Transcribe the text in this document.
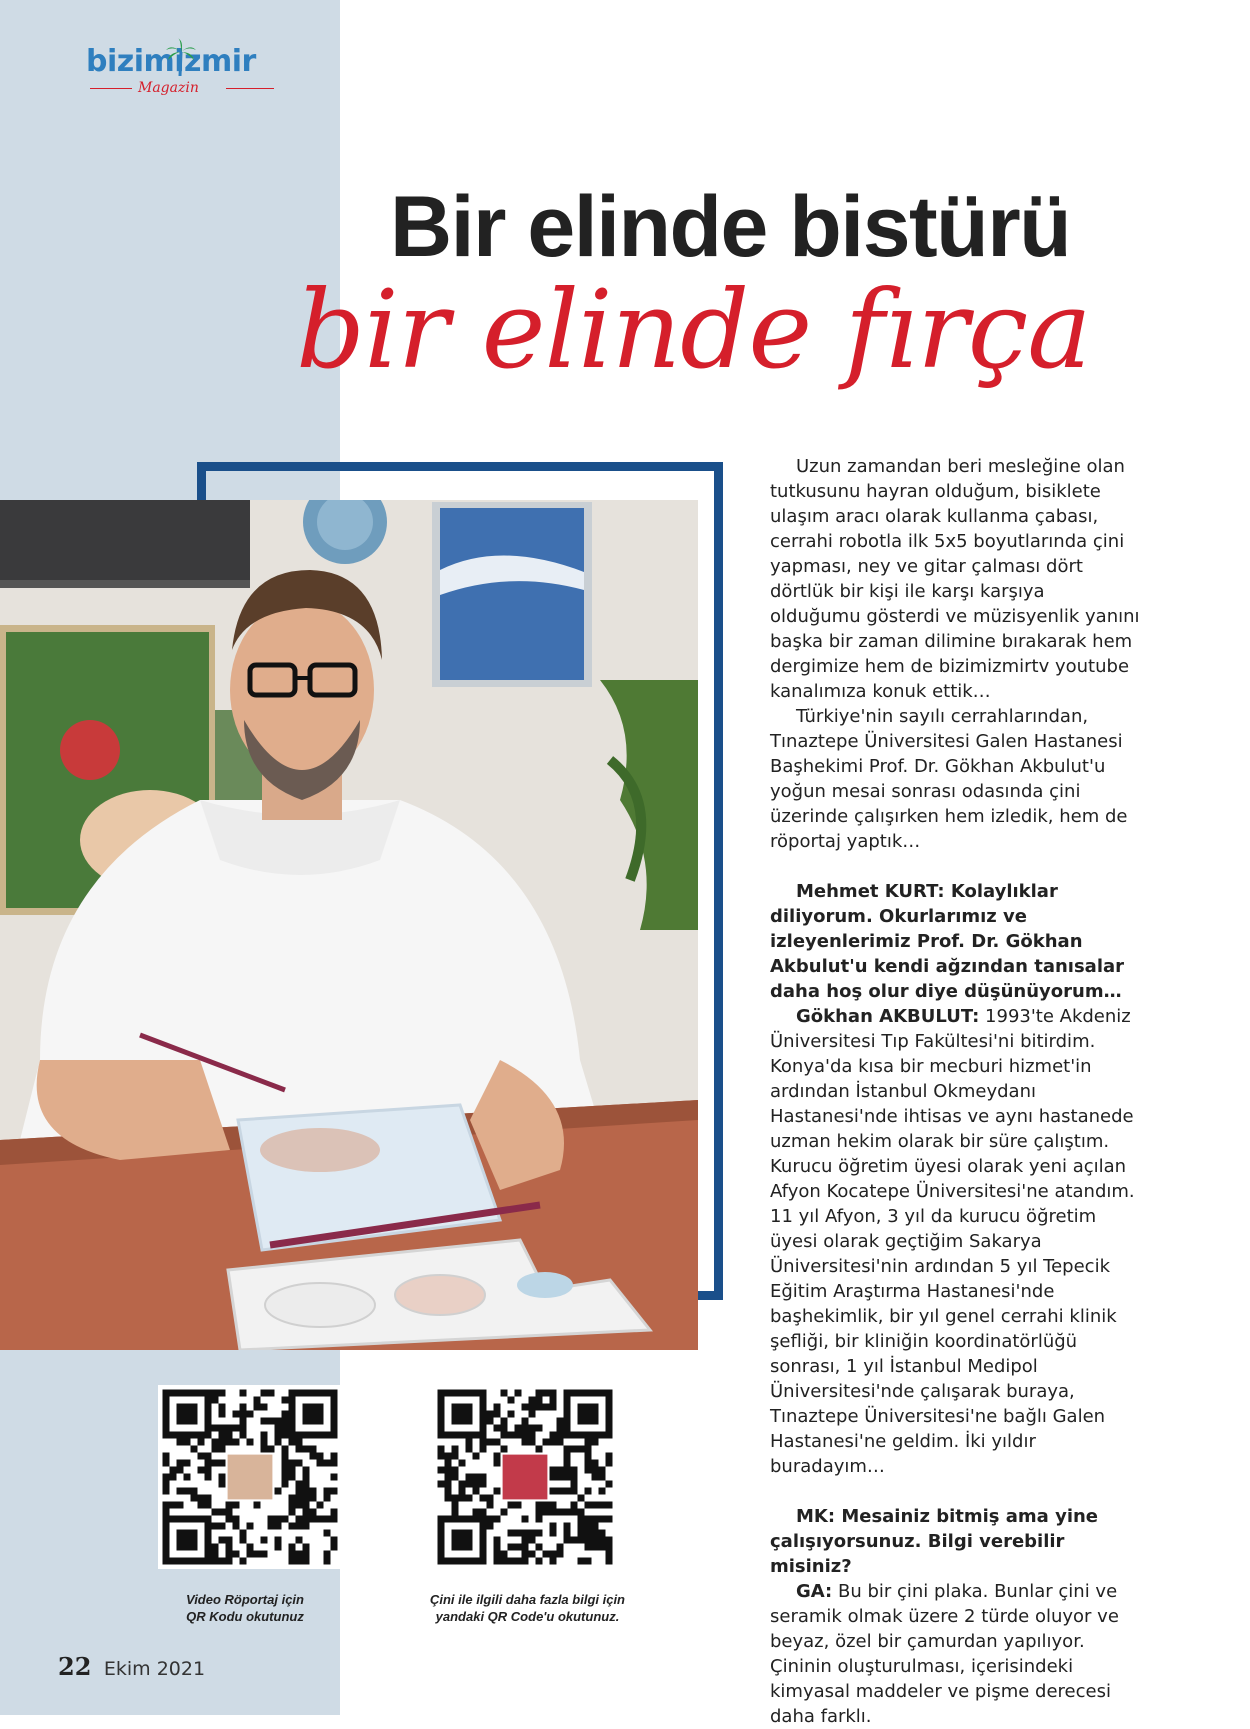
bizimizmir
Magazin
Bir elinde bistürü
bir elinde fırça

Uzun zamandan beri mesleğine olan tutkusunu hayran olduğum, bisiklete ulaşım aracı olarak kullanma çabası, cerrahi robotla ilk 5x5 boyutlarında çini yapması, ney ve gitar çalması dört dörtlük bir kişi ile karşı karşıya olduğumu gösterdi ve müzisyenlik yanını başka bir zaman dilimine bırakarak hem dergimize hem de bizimizmirtv youtube kanalımıza konuk ettik…

Türkiye'nin sayılı cerrahlarından, Tınaztepe Üniversitesi Galen Hastanesi Başhekimi Prof. Dr. Gökhan Akbulut'u yoğun mesai sonrası odasında çini üzerinde çalışırken hem izledik, hem de röportaj yaptık…

Mehmet KURT: Kolaylıklar diliyorum. Okurlarımız ve izleyenlerimiz Prof. Dr. Gökhan Akbulut'u kendi ağzından tanısalar daha hoş olur diye düşünüyorum…

Gökhan AKBULUT: 1993'te Akdeniz Üniversitesi Tıp Fakültesi'ni bitirdim. Konya'da kısa bir mecburi hizmet'in ardından İstanbul Okmeydanı Hastanesi'nde ihtisas ve aynı hastanede uzman hekim olarak bir süre çalıştım. Kurucu öğretim üyesi olarak yeni açılan Afyon Kocatepe Üniversitesi'ne atandım. 11 yıl Afyon, 3 yıl da kurucu öğretim üyesi olarak geçtiğim Sakarya Üniversitesi'nin ardından 5 yıl Tepecik Eğitim Araştırma Hastanesi'nde başhekimlik, bir yıl genel cerrahi klinik şefliği, bir kliniğin koordinatörlüğü sonrası, 1 yıl İstanbul Medipol Üniversitesi'nde çalışarak buraya, Tınaztepe Üniversitesi'ne bağlı Galen Hastanesi'ne geldim. İki yıldır buradayım…

MK: Mesainiz bitmiş ama yine çalışıyorsunuz. Bilgi verebilir misiniz?

GA: Bu bir çini plaka. Bunlar çini ve seramik olmak üzere 2 türde oluyor ve beyaz, özel bir çamurdan yapılıyor. Çininin oluşturulması, içerisindeki kimyasal maddeler ve pişme derecesi daha farklı.

Video Röportaj için
QR Kodu okutunuz
Çini ile ilgili daha fazla bilgi için
yandaki QR Code'u okutunuz.
22 Ekim 2021
